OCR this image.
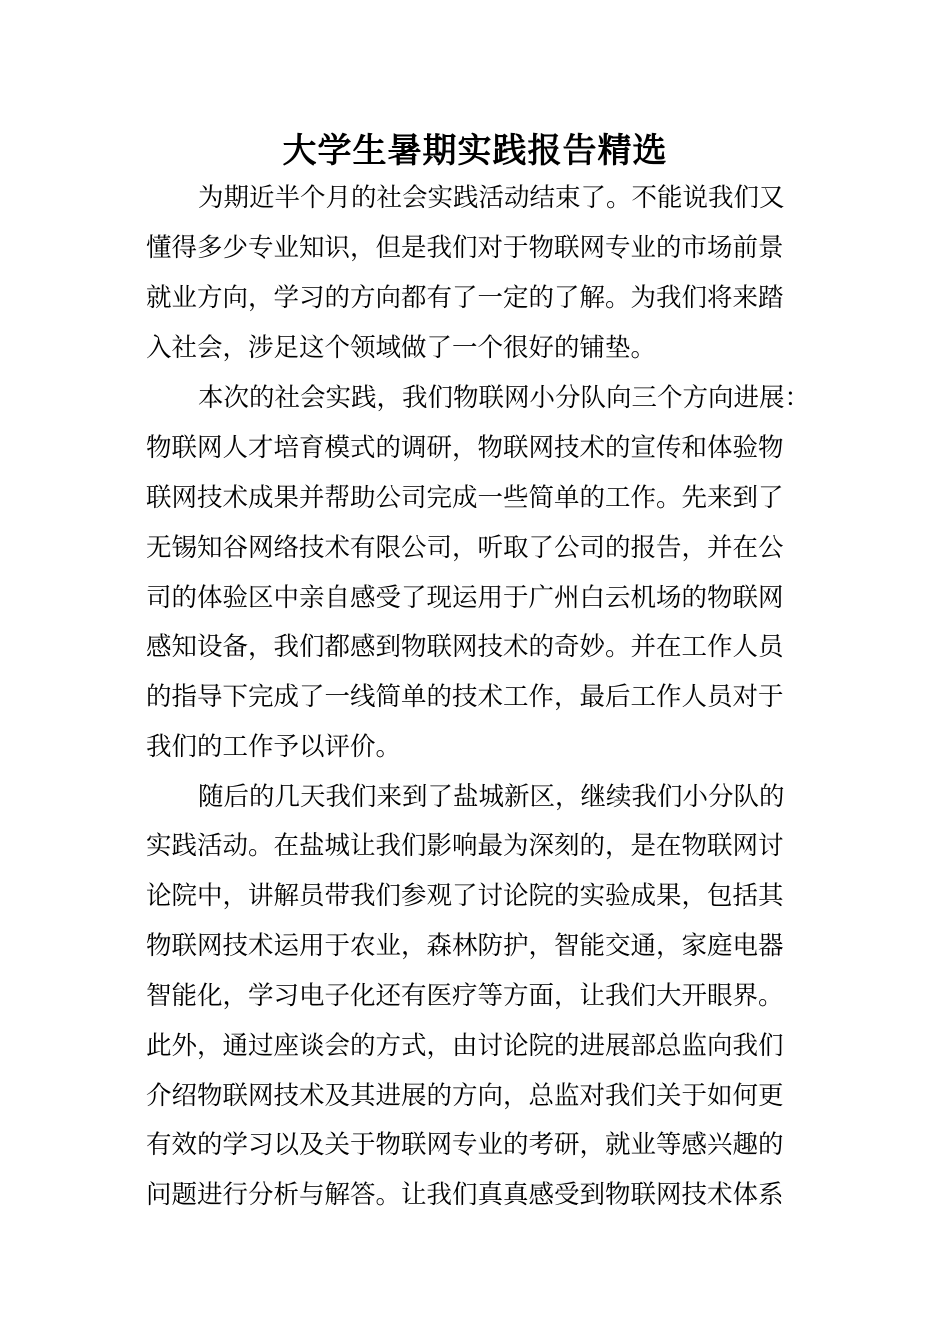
大学生暑期实践报告精选
为期近半个月的社会实践活动结束了。不能说我们又
懂得多少专业知识，但是我们对于物联网专业的市场前景
就业方向，学习的方向都有了一定的了解。为我们将来踏
入社会，涉足这个领域做了一个很好的铺垫。
本次的社会实践，我们物联网小分队向三个方向进展：
物联网人才培育模式的调研，物联网技术的宣传和体验物
联网技术成果并帮助公司完成一些简单的工作。先来到了
无锡知谷网络技术有限公司，听取了公司的报告，并在公
司的体验区中亲自感受了现运用于广州白云机场的物联网
感知设备，我们都感到物联网技术的奇妙。并在工作人员
的指导下完成了一线简单的技术工作，最后工作人员对于
我们的工作予以评价。
随后的几天我们来到了盐城新区，继续我们小分队的
实践活动。在盐城让我们影响最为深刻的，是在物联网讨
论院中，讲解员带我们参观了讨论院的实验成果，包括其
物联网技术运用于农业，森林防护，智能交通，家庭电器
智能化，学习电子化还有医疗等方面，让我们大开眼界。
此外，通过座谈会的方式，由讨论院的进展部总监向我们
介绍物联网技术及其进展的方向，总监对我们关于如何更
有效的学习以及关于物联网专业的考研，就业等感兴趣的
问题进行分析与解答。让我们真真感受到物联网技术体系
